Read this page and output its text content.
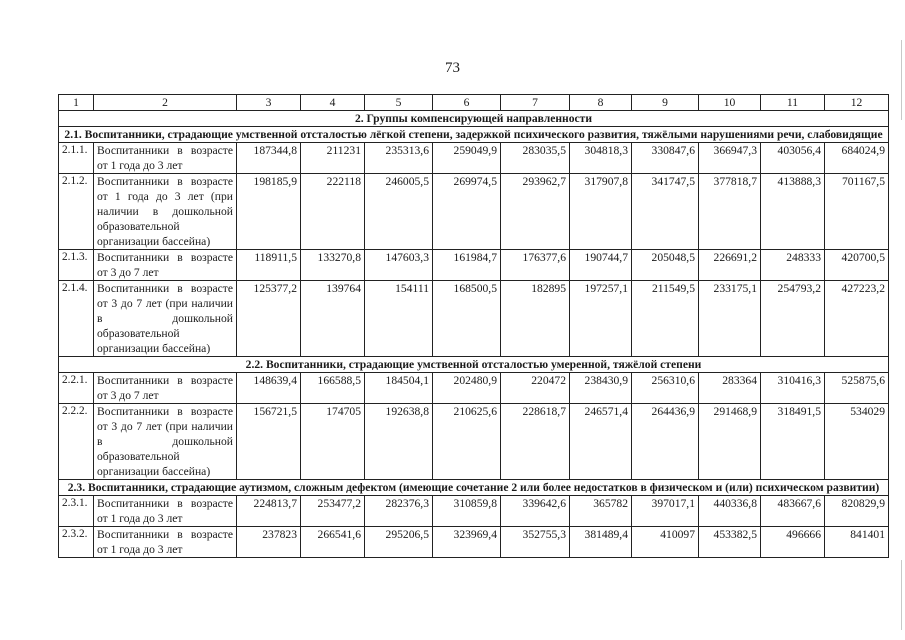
73
1	2	3	4	5	6	7	8	9	10	11	12
2. Группы компенсирующей направленности											
2.1. Воспитанники, страдающие умственной отсталостью лёгкой степени, задержкой психического развития, тяжёлыми нарушениями речи, слабовидящие											
2.1.1.	Воспитанники в возрасте от 1 года до 3 лет	187344,8	211231	235313,6	259049,9	283035,5	304818,3	330847,6	366947,3	403056,4	684024,9
2.1.2.	Воспитанники в возрасте от 1 года до 3 лет (при наличии в дошкольной образовательной организации бассейна)	198185,9	222118	246005,5	269974,5	293962,7	317907,8	341747,5	377818,7	413888,3	701167,5
2.1.3.	Воспитанники в возрасте от 3 до 7 лет	118911,5	133270,8	147603,3	161984,7	176377,6	190744,7	205048,5	226691,2	248333	420700,5
2.1.4.	Воспитанники в возрасте от 3 до 7 лет (при наличии в дошкольной образовательной организации бассейна)	125377,2	139764	154111	168500,5	182895	197257,1	211549,5	233175,1	254793,2	427223,2
2.2. Воспитанники, страдающие умственной отсталостью умеренной, тяжёлой степени											
2.2.1.	Воспитанники в возрасте от 3 до 7 лет	148639,4	166588,5	184504,1	202480,9	220472	238430,9	256310,6	283364	310416,3	525875,6
2.2.2.	Воспитанники в возрасте от 3 до 7 лет (при наличии в дошкольной образовательной организации бассейна)	156721,5	174705	192638,8	210625,6	228618,7	246571,4	264436,9	291468,9	318491,5	534029
2.3. Воспитанники, страдающие аутизмом, сложным дефектом (имеющие сочетание 2 или более недостатков в физическом и (или) психическом развитии)											
2.3.1.	Воспитанники в возрасте от 1 года до 3 лет	224813,7	253477,2	282376,3	310859,8	339642,6	365782	397017,1	440336,8	483667,6	820829,9
2.3.2.	Воспитанники в возрасте от 1 года до 3 лет	237823	266541,6	295206,5	323969,4	352755,3	381489,4	410097	453382,5	496666	841401
